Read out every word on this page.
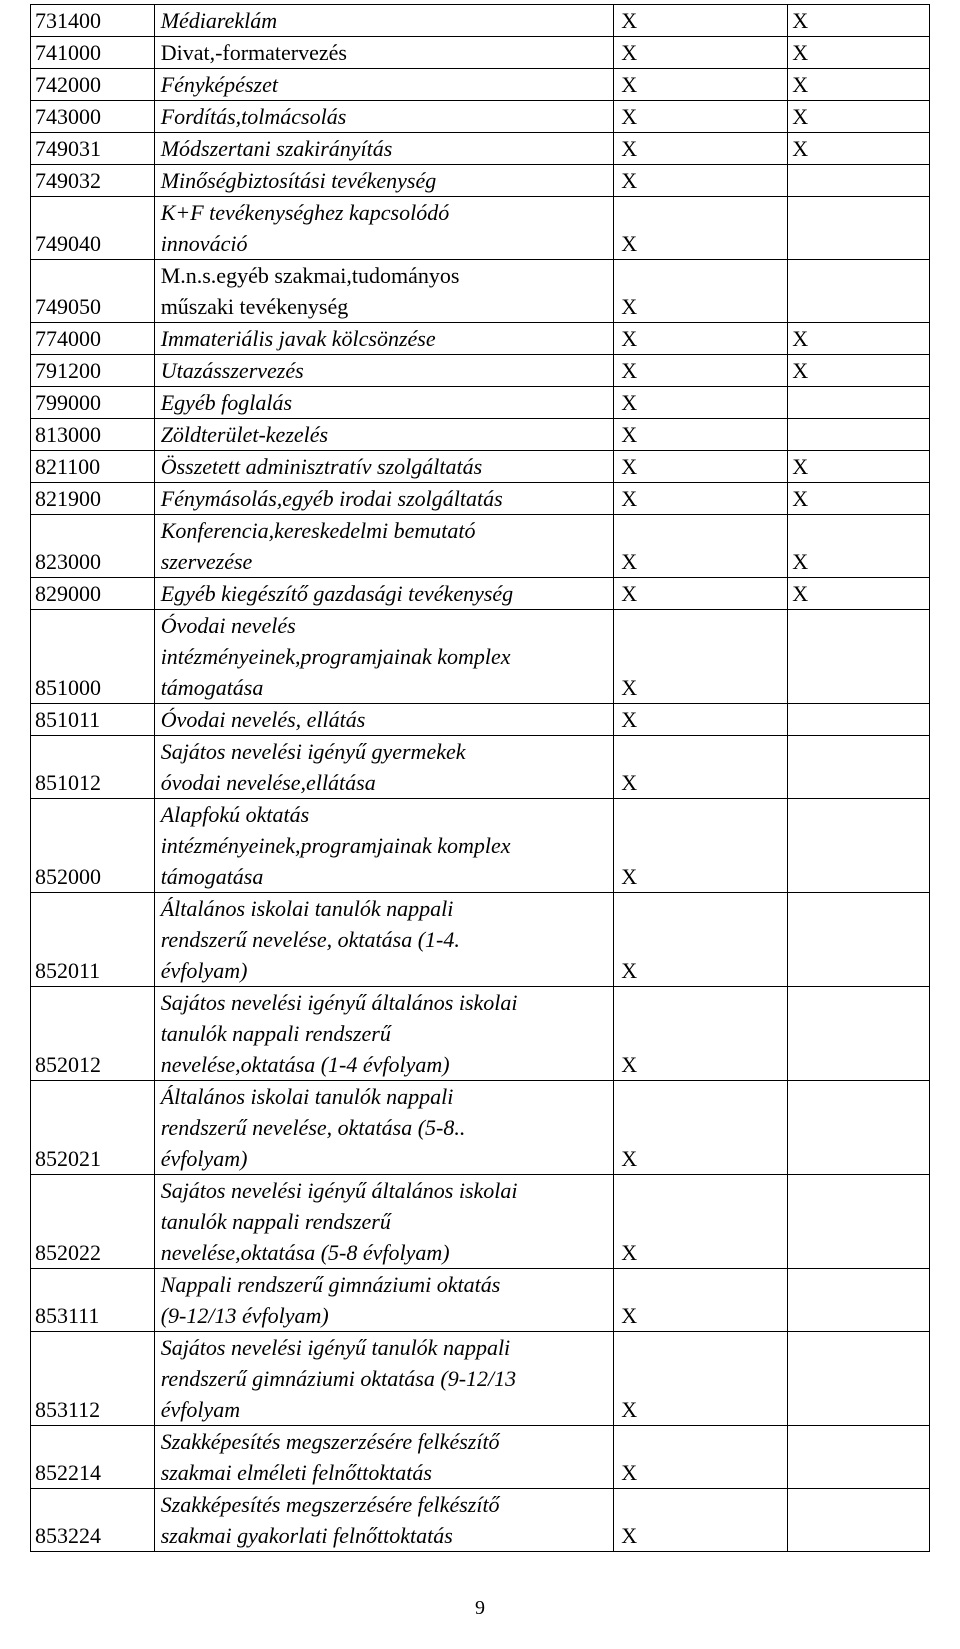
731400	Médiareklám	X	X
741000	Divat,-formatervezés	X	X
742000	Fényképészet	X	X
743000	Fordítás,tolmácsolás	X	X
749031	Módszertani szakirányítás	X	X
749032	Minőségbiztosítási tevékenység	X	
749040	K+F tevékenységhez kapcsolódó
innováció	X	
749050	M.n.s.egyéb szakmai,tudományos
műszaki tevékenység	X	
774000	Immateriális javak kölcsönzése	X	X
791200	Utazásszervezés	X	X
799000	Egyéb foglalás	X	
813000	Zöldterület-kezelés	X	
821100	Összetett adminisztratív szolgáltatás	X	X
821900	Fénymásolás,egyéb irodai szolgáltatás	X	X
823000	Konferencia,kereskedelmi bemutató
szervezése	X	X
829000	Egyéb kiegészítő gazdasági tevékenység	X	X
851000	Óvodai nevelés
intézményeinek,programjainak komplex
támogatása	X	
851011	Óvodai nevelés, ellátás	X	
851012	Sajátos nevelési igényű gyermekek
óvodai nevelése,ellátása	X	
852000	Alapfokú oktatás
intézményeinek,programjainak komplex
támogatása	X	
852011	Általános iskolai tanulók nappali
rendszerű nevelése, oktatása (1-4.
évfolyam)	X	
852012	Sajátos nevelési igényű általános iskolai
tanulók nappali rendszerű
nevelése,oktatása (1-4 évfolyam)	X	
852021	Általános iskolai tanulók nappali
rendszerű nevelése, oktatása (5-8..
évfolyam)	X	
852022	Sajátos nevelési igényű általános iskolai
tanulók nappali rendszerű
nevelése,oktatása (5-8 évfolyam)	X	
853111	Nappali rendszerű gimnáziumi oktatás
(9-12/13 évfolyam)	X	
853112	Sajátos nevelési igényű tanulók nappali
rendszerű gimnáziumi oktatása (9-12/13
évfolyam	X	
852214	Szakképesítés megszerzésére felkészítő
szakmai elméleti felnőttoktatás	X	
853224	Szakképesítés megszerzésére felkészítő
szakmai gyakorlati felnőttoktatás	X	
9
